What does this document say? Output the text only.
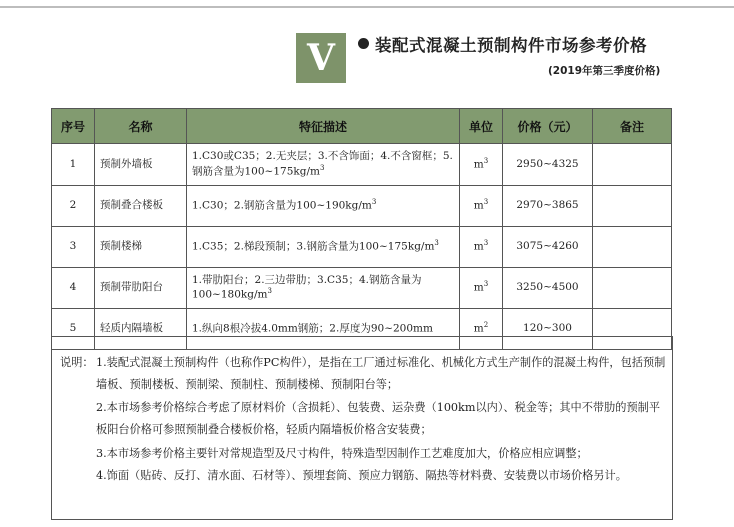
V 装配式混凝土预制构件市场参考价格
(2019年第三季度价格)
序号	名称	特征描述	单位	价格（元）	备注
1	预制外墙板	1.C30或C35；2.无夹层；3.不含饰面；4.不含窗框；5.钢筋含量为$100\sim 175kg/m^3$	$m^3$	2950~4325	
2	预制叠合楼板	1.C30；2.钢筋含量为$100\sim 190kg/m^3$	$m^3$	2970~3865	
3	预制楼梯	1.C35；2.梯段预制；3.钢筋含量为$100\sim 175kg/m^3$	$m^3$	3075~4260	
4	预制带肋阳台	1.带肋阳台；2.三边带肋；3.C35；4.钢筋含量为$100\sim 180kg/m^3$	$m^3$	3250~4500	
5	轻质内隔墙板	1.纵向8根冷拔4.0mm钢筋；2.厚度为90~200mm	$m^2$	120~300	
说明： 1.装配式混凝土预制构件（也称作PC构件），是指在工厂通过标准化、机械化方式生产制作的混凝土构件，包括预制墙板、预制楼板、预制梁、预制柱、预制楼梯、预制阳台等；
2.本市场参考价格综合考虑了原材料价（含损耗）、包装费、运杂费（100km以内）、税金等；其中不带肋的预制平板阳台价格可参照预制叠合楼板价格，轻质内隔墙板价格含安装费；
3.本市场参考价格主要针对常规造型及尺寸构件，特殊造型因制作工艺难度加大，价格应相应调整；
4.饰面（贴砖、反打、清水面、石材等）、预埋套筒、预应力钢筋、隔热等材料费、安装费以市场价格另计。
